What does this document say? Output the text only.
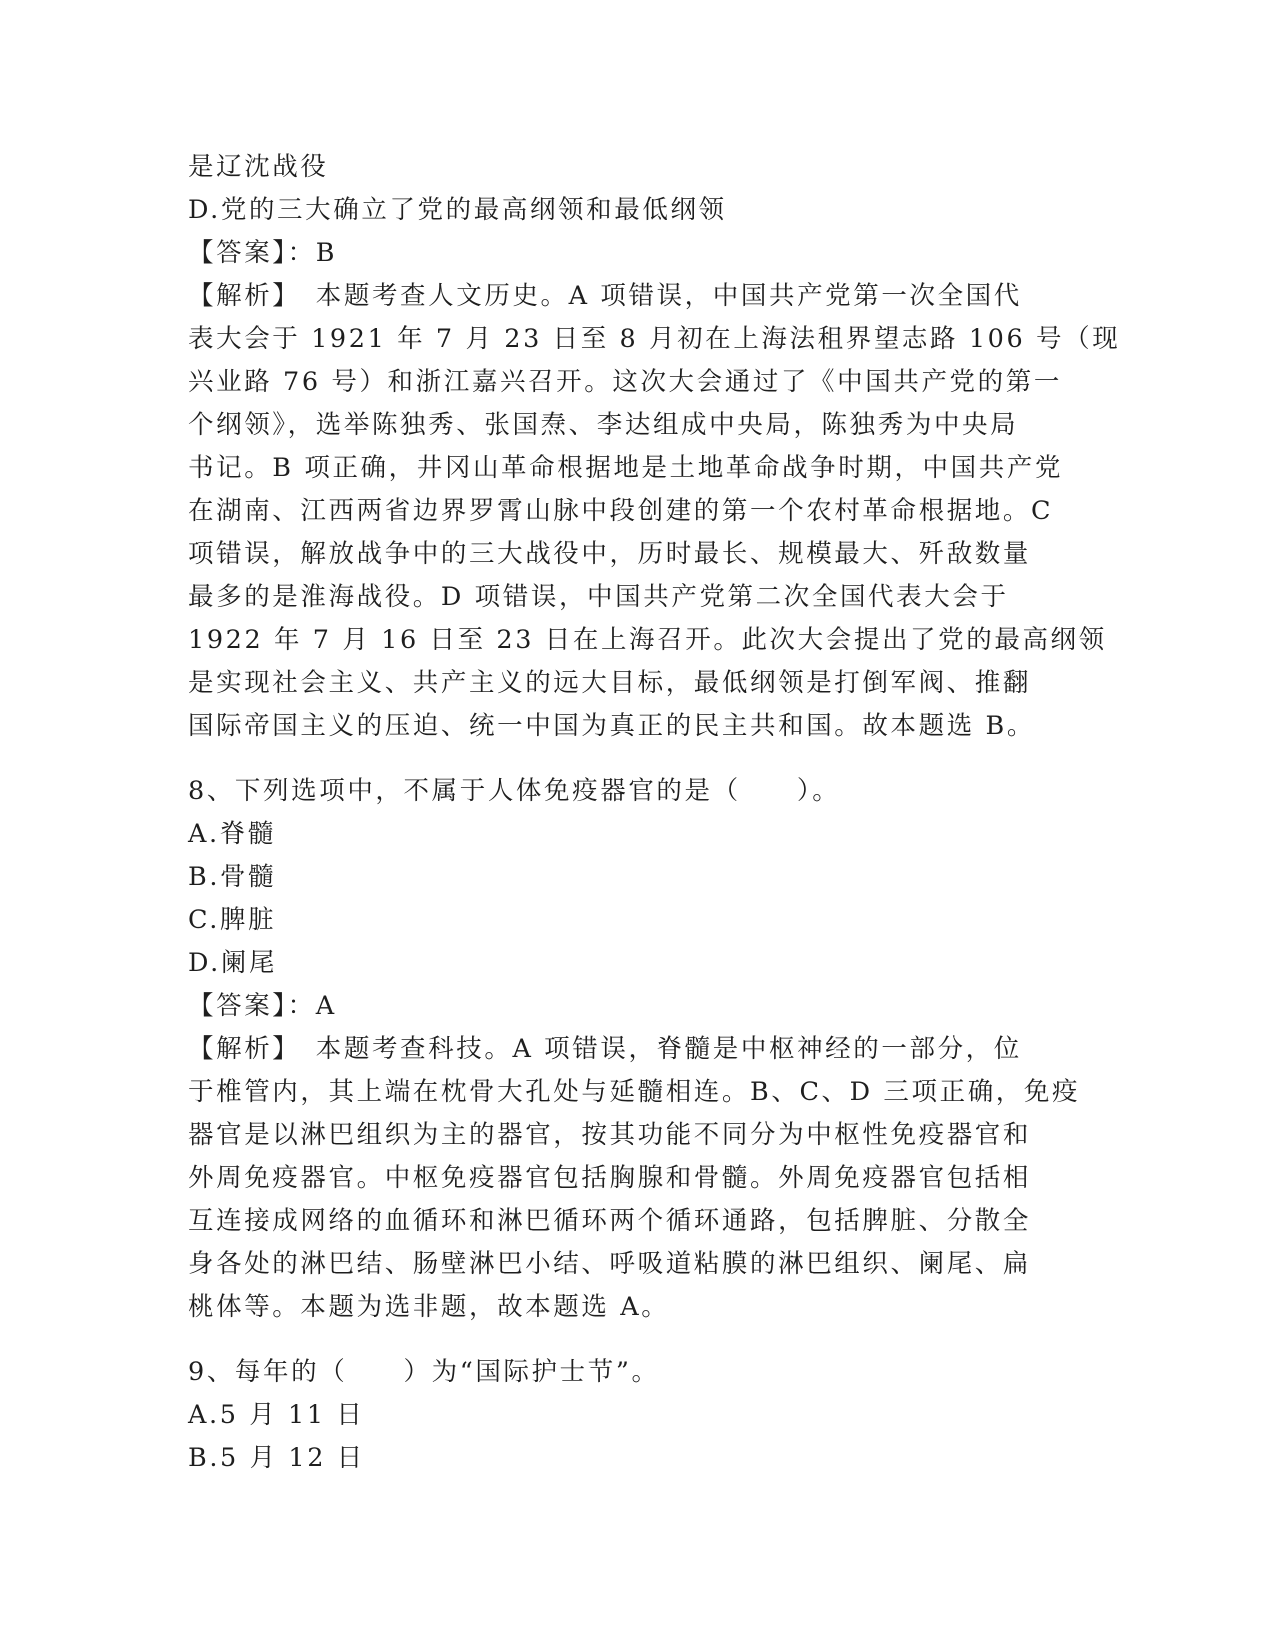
是辽沈战役
D.党的三大确立了党的最高纲领和最低纲领
【答案】：B
【解析】　本题考查人文历史。A 项错误，中国共产党第一次全国代
表大会于 1921 年 7 月 23 日至 8 月初在上海法租界望志路 106 号（现
兴业路 76 号）和浙江嘉兴召开。这次大会通过了《中国共产党的第一
个纲领》，选举陈独秀、张国焘、李达组成中央局，陈独秀为中央局
书记。B 项正确，井冈山革命根据地是土地革命战争时期，中国共产党
在湖南、江西两省边界罗霄山脉中段创建的第一个农村革命根据地。C
项错误，解放战争中的三大战役中，历时最长、规模最大、歼敌数量
最多的是淮海战役。D 项错误，中国共产党第二次全国代表大会于
1922 年 7 月 16 日至 23 日在上海召开。此次大会提出了党的最高纲领
是实现社会主义、共产主义的远大目标，最低纲领是打倒军阀、推翻
国际帝国主义的压迫、统一中国为真正的民主共和国。故本题选 B。
8、下列选项中，不属于人体免疫器官的是（　　）。
A.脊髓
B.骨髓
C.脾脏
D.阑尾
【答案】：A
【解析】　本题考查科技。A 项错误，脊髓是中枢神经的一部分，位
于椎管内，其上端在枕骨大孔处与延髓相连。B、C、D 三项正确，免疫
器官是以淋巴组织为主的器官，按其功能不同分为中枢性免疫器官和
外周免疫器官。中枢免疫器官包括胸腺和骨髓。外周免疫器官包括相
互连接成网络的血循环和淋巴循环两个循环通路，包括脾脏、分散全
身各处的淋巴结、肠壁淋巴小结、呼吸道粘膜的淋巴组织、阑尾、扁
桃体等。本题为选非题，故本题选 A。
9、每年的（　　）为“国际护士节”。
A.5 月 11 日
B.5 月 12 日
